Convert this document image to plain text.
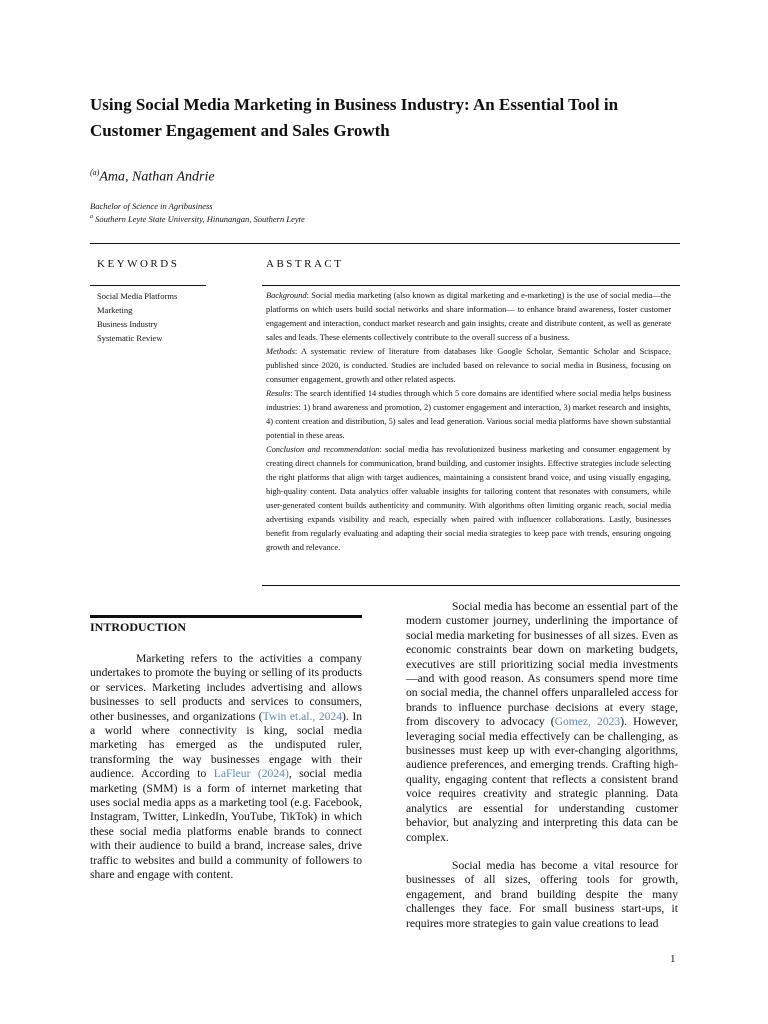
Using Social Media Marketing in Business Industry: An Essential Tool in Customer Engagement and Sales Growth
$^{(a)}$Ama, Nathan Andrie
Bachelor of Science in Agribusiness
$^a$ Southern Leyte State University, Hinunangan, Southern Leyte
KEYWORDS
Social Media Platforms
Marketing
Business Industry
Systematic Review
ABSTRACT

Background: Social media marketing (also known as digital marketing and e-marketing) is the use of social media—the platforms on which users build social networks and share information— to enhance brand awareness, foster customer engagement and interaction, conduct market research and gain insights, create and distribute content, as well as generate sales and leads. These elements collectively contribute to the overall success of a business.

Methods: A systematic review of literature from databases like Google Scholar, Semantic Scholar and Scispace, published since 2020, is conducted. Studies are included based on relevance to social media in Business, focusing on consumer engagement, growth and other related aspects.

Results: The search identified 14 studies through which 5 core domains are identified where social media helps business industries: 1) brand awareness and promotion, 2) customer engagement and interaction, 3) market research and insights, 4) content creation and distribution, 5) sales and lead generation. Various social media platforms have shown substantial potential in these areas.

Conclusion and recommendation: social media has revolutionized business marketing and consumer engagement by creating direct channels for communication, brand building, and customer insights. Effective strategies include selecting the right platforms that align with target audiences, maintaining a consistent brand voice, and using visually engaging, high-quality content. Data analytics offer valuable insights for tailoring content that resonates with consumers, while user-generated content builds authenticity and community. With algorithms often limiting organic reach, social media advertising expands visibility and reach, especially when paired with influencer collaborations. Lastly, businesses benefit from regularly evaluating and adapting their social media strategies to keep pace with trends, ensuring ongoing growth and relevance.

INTRODUCTION

Marketing refers to the activities a company undertakes to promote the buying or selling of its products or services. Marketing includes advertising and allows businesses to sell products and services to consumers, other businesses, and organizations (Twin et.al., 2024). In a world where connectivity is king, social media marketing has emerged as the undisputed ruler, transforming the way businesses engage with their audience. According to LaFleur (2024), social media marketing (SMM) is a form of internet marketing that uses social media apps as a marketing tool (e.g. Facebook, Instagram, Twitter, LinkedIn, YouTube, TikTok) in which these social media platforms enable brands to connect with their audience to build a brand, increase sales, drive traffic to websites and build a community of followers to share and engage with content.

Social media has become an essential part of the modern customer journey, underlining the importance of social media marketing for businesses of all sizes. Even as economic constraints bear down on marketing budgets, executives are still prioritizing social media investments—and with good reason. As consumers spend more time on social media, the channel offers unparalleled access for brands to influence purchase decisions at every stage, from discovery to advocacy (Gomez, 2023). However, leveraging social media effectively can be challenging, as businesses must keep up with ever-changing algorithms, audience preferences, and emerging trends. Crafting high-quality, engaging content that reflects a consistent brand voice requires creativity and strategic planning. Data analytics are essential for understanding customer behavior, but analyzing and interpreting this data can be complex.

Social media has become a vital resource for businesses of all sizes, offering tools for growth, engagement, and brand building despite the many challenges they face. For small business start-ups, it requires more strategies to gain value creations to lead

1
